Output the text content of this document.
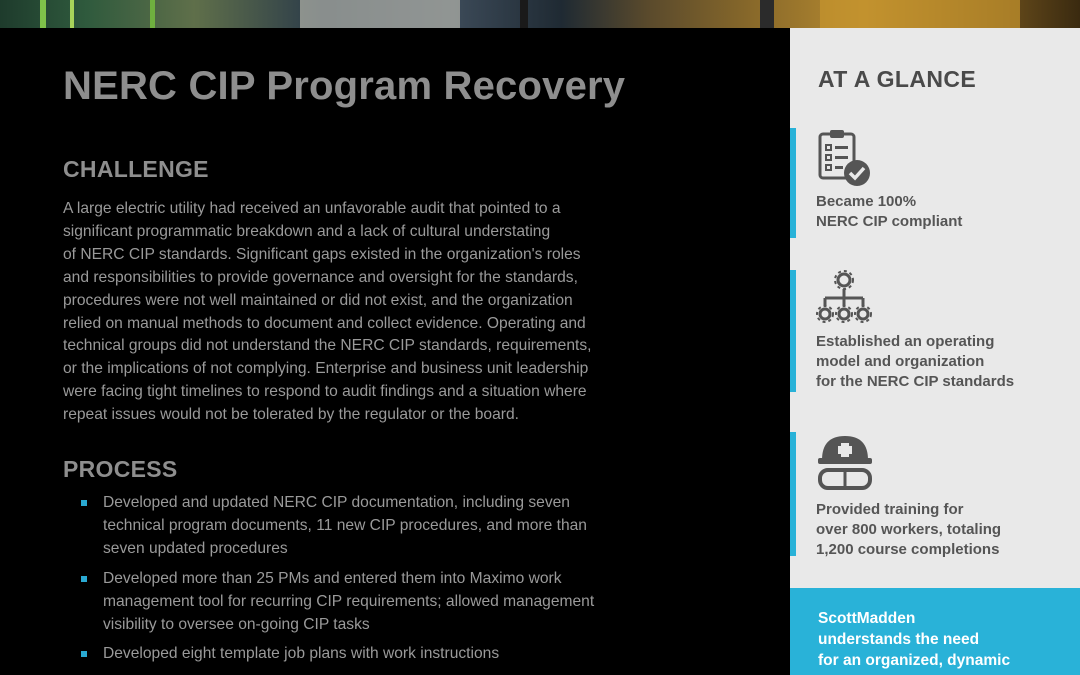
NERC CIP Program Recovery
CHALLENGE
A large electric utility had received an unfavorable audit that pointed to a
significant programmatic breakdown and a lack of cultural understating
of NERC CIP standards. Significant gaps existed in the organization's roles
and responsibilities to provide governance and oversight for the standards,
procedures were not well maintained or did not exist, and the organization
relied on manual methods to document and collect evidence. Operating and
technical groups did not understand the NERC CIP standards, requirements,
or the implications of not complying. Enterprise and business unit leadership
were facing tight timelines to respond to audit findings and a situation where
repeat issues would not be tolerated by the regulator or the board.
PROCESS
Developed and updated NERC CIP documentation, including seven
technical program documents, 11 new CIP procedures, and more than
seven updated procedures
Developed more than 25 PMs and entered them into Maximo work
management tool for recurring CIP requirements; allowed management
visibility to oversee on-going CIP tasks
Developed eight template job plans with work instructions
AT A GLANCE
Became 100%
NERC CIP compliant
Established an operating
model and organization
for the NERC CIP standards
Provided training for
over 800 workers, totaling
1,200 course completions
ScottMadden
understands the need
for an organized, dynamic
